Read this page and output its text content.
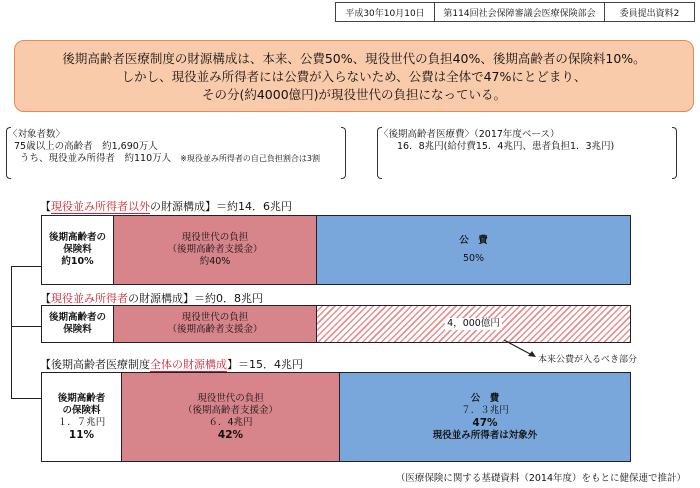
平成30年10月10日	第114回社会保障審議会医療保険部会	委員提出資料2
後期高齢者医療制度の財源構成は、本来、公費50%、現役世代の負担40%、後期高齢者の保険料10%。
しかし、現役並み所得者には公費が入らないため、公費は全体で47%にとどまり、
その分(約4000億円)が現役世代の負担になっている。
〈対象者数〉
75歳以上の高齢者　約1,690万人
うち、現役並み所得者　約110万人 ※現役並み所得者の自己負担割合は3割
〈後期高齢者医療費〉（2017年度ベース）
16．8兆円(給付費15．4兆円、患者負担1．3兆円)
【現役並み所得者以外の財源構成】＝約14．6兆円
後期高齢者の
保険料
約10%
現役世代の負担
（後期高齢者支援金）
約40%
公　費
50%
【現役並み所得者の財源構成】＝約0．8兆円
後期高齢者の
保険料
現役世代の負担
（後期高齢者支援金）
4，000億円
本来公費が入るべき部分
【後期高齢者医療制度全体の財源構成】＝15．4兆円
後期高齢者
の保険料
１．７兆円
11%
現役世代の負担
（後期高齢者支援金）
６．4兆円
42%
公　費
７．３兆円
47%
現役並み所得者は対象外
（医療保険に関する基礎資料（2014年度）をもとに健保連で推計）
